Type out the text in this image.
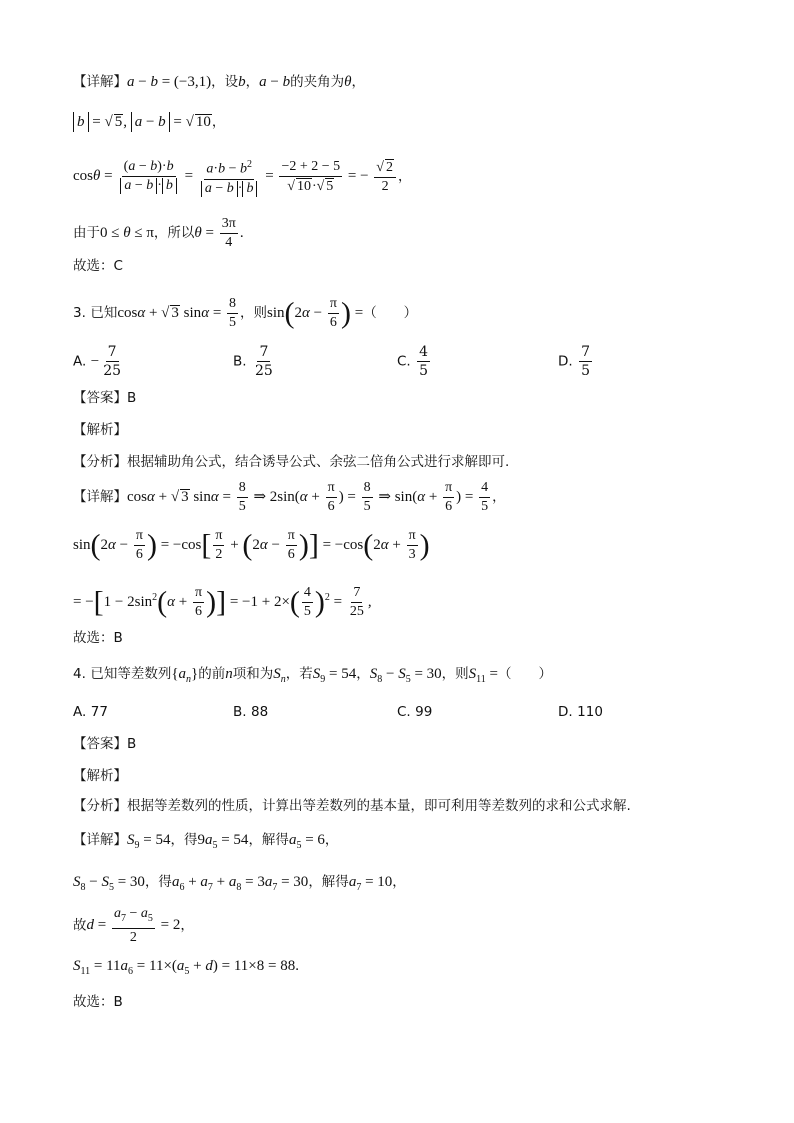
【详解】a − b = (−3,1)，设b，a − b的夹角为θ，
b = √ 5, a − b = √ 10，
$\cos\theta = \frac{(a - b)\cdot b}{a - b \cdot b} = \frac{a\cdot b - b^2}{a - b \cdot b} = \frac{-2 + 2 - 5}{√ 10\cdot√ 5}$ = − $\frac{√ 2}{2}$ ，
由于0 ≤ θ ≤ π，所以$\theta = \frac{3\pi}{4}$ .
故选：C
3. 已知cosα + √ 3 $\sin\alpha = \frac{8}{5}$ ，则$\sin(2\alpha - \frac{\pi}{6}$ ) =（　　）
A. − $\frac{7}{25}$	B. $\frac{7}{25}$	C. $\frac{4}{5}$	D. $\frac{7}{5}$
【答案】B
【解析】
【分析】根据辅助角公式，结合诱导公式、余弦二倍角公式进行求解即可.
【详解】cosα + √ 3 $\sin\alpha = \frac{8}{5}$ ⇒ $2\sin(\alpha + \frac{\pi}{6}$ ) = $\frac{8}{5}$ ⇒ $\sin(\alpha + \frac{\pi}{6}$ ) = $\frac{4}{5}$ ，
$\sin(2\alpha - \frac{\pi}{6}$ ) = $-\cos[ \frac{\pi}{2} + (2\alpha - \frac{\pi}{6}$ )] = $-\cos(2\alpha + \frac{\pi}{3}$ )
= $-[1 - 2\sin^2(\alpha + \frac{\pi}{6}$ )] = $-1 + 2\times( \frac{4}{5} )^2 = \frac{7}{25}$ ,
故选：B
4. 已知等差数列$\{a_n\}$的前n项和为$S_n$，若$S_9 = 54$，$S_8 - S_5 = 30$，则$S_{11}$ =（　　）
A. 77	B. 88	C. 99	D. 110
【答案】B
【解析】
【分析】根据等差数列的性质，计算出等差数列的基本量，即可利用等差数列的求和公式求解.
【详解】$S_9 = 54$，得$9a_5 = 54$，解得$a_5 = 6$，
$S_8 - S_5 = 30$，得$a_6 + a_7 + a_8 = 3a_7 = 30$，解得$a_7 = 10$，
故$d = \frac{a_7 - a_5}{2} = 2$，
$S_{11} = 11a_6 = 11\times(a_5 + d) = 11\times 8 = 88$.
故选：B
